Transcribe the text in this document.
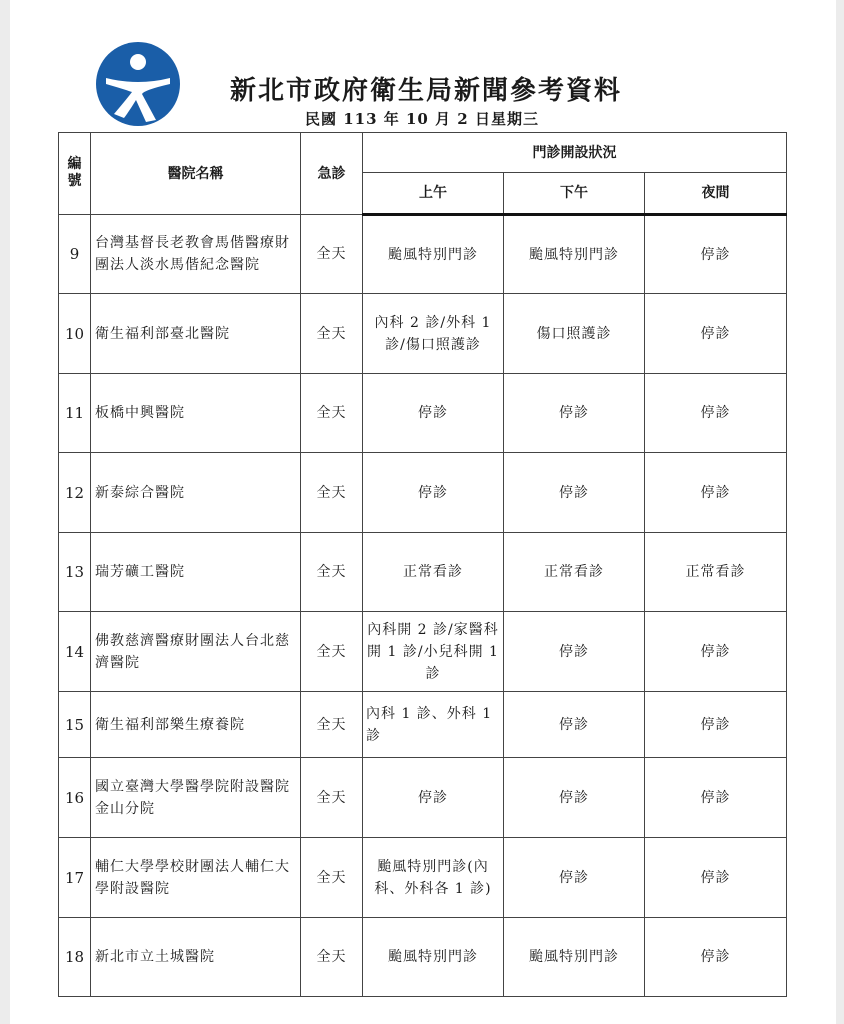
新北市政府衛生局新聞參考資料
民國 113 年 10 月 2 日星期三
編號	醫院名稱	急診	門診開設狀況		
			上午	下午	夜間
9	台灣基督長老教會馬偕醫療財團法人淡水馬偕紀念醫院	全天	颱風特別門診	颱風特別門診	停診
10	衛生福利部臺北醫院	全天	內科 2 診/外科 1 診/傷口照護診	傷口照護診	停診
11	板橋中興醫院	全天	停診	停診	停診
12	新泰綜合醫院	全天	停診	停診	停診
13	瑞芳礦工醫院	全天	正常看診	正常看診	正常看診
14	佛教慈濟醫療財團法人台北慈濟醫院	全天	內科開 2 診/家醫科開 1 診/小兒科開 1 診	停診	停診
15	衛生福利部樂生療養院	全天	內科 1 診、外科 1 診	停診	停診
16	國立臺灣大學醫學院附設醫院金山分院	全天	停診	停診	停診
17	輔仁大學學校財團法人輔仁大學附設醫院	全天	颱風特別門診(內科、外科各 1 診)	停診	停診
18	新北市立土城醫院	全天	颱風特別門診	颱風特別門診	停診
